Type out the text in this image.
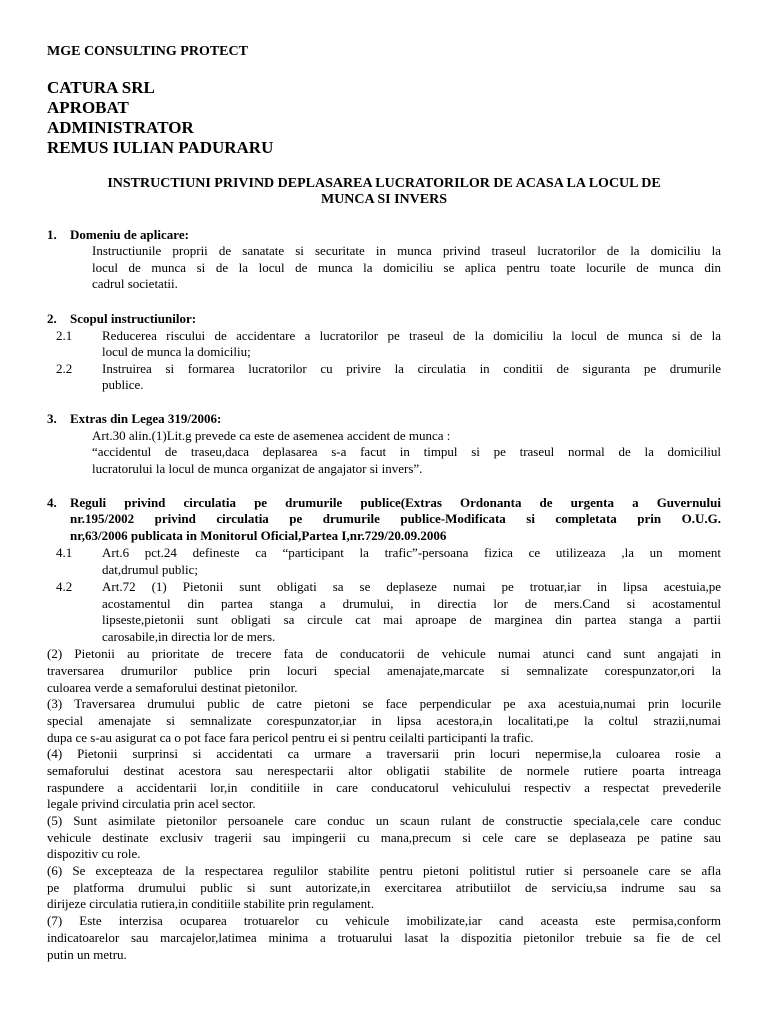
MGE CONSULTING PROTECT
CATURA SRL
APROBAT
ADMINISTRATOR
REMUS IULIAN PADURARU
INSTRUCTIUNI PRIVIND DEPLASAREA LUCRATORILOR DE ACASA LA LOCUL DE
MUNCA SI INVERS
1. Domeniu de aplicare:
Instructiunile proprii de sanatate si securitate in munca privind traseul lucratorilor de la domiciliu la
locul de munca si de la locul de munca la domiciliu se aplica pentru toate locurile de munca din
cadrul societatii.
2. Scopul instructiunilor:
2.1 Reducerea riscului de accidentare a lucratorilor pe traseul de la domiciliu la locul de munca si de la
locul de munca la domiciliu;
2.2 Instruirea si formarea lucratorilor cu privire la circulatia in conditii de siguranta pe drumurile
publice.
3. Extras din Legea 319/2006:
Art.30 alin.(1)Lit.g prevede ca este de asemenea accident de munca :
“accidentul de traseu,daca deplasarea s-a facut in timpul si pe traseul normal de la domiciliul
lucratorului la locul de munca organizat de angajator si invers”.
4. Reguli privind circulatia pe drumurile publice(Extras Ordonanta de urgenta a Guvernului
nr.195/2002 privind circulatia pe drumurile publice-Modificata si completata prin O.U.G.
nr,63/2006 publicata in Monitorul Oficial,Partea I,nr.729/20.09.2006
4.1 Art.6 pct.24 defineste ca “participant la trafic”-persoana fizica ce utilizeaza ,la un moment
dat,drumul public;
4.2 Art.72 (1) Pietonii sunt obligati sa se deplaseze numai pe trotuar,iar in lipsa acestuia,pe
acostamentul din partea stanga a drumului, in directia lor de mers.Cand si acostamentul
lipseste,pietonii sunt obligati sa circule cat mai aproape de marginea din partea stanga a partii
carosabile,in directia lor de mers.
(2) Pietonii au prioritate de trecere fata de conducatorii de vehicule numai atunci cand sunt angajati in
traversarea drumurilor publice prin locuri special amenajate,marcate si semnalizate corespunzator,ori la
culoarea verde a semaforului destinat pietonilor.
(3) Traversarea drumului public de catre pietoni se face perpendicular pe axa acestuia,numai prin locurile
special amenajate si semnalizate corespunzator,iar in lipsa acestora,in localitati,pe la coltul strazii,numai
dupa ce s-au asigurat ca o pot face fara pericol pentru ei si pentru ceilalti participanti la trafic.
(4) Pietonii surprinsi si accidentati ca urmare a traversarii prin locuri nepermise,la culoarea rosie a
semaforului destinat acestora sau nerespectarii altor obligatii stabilite de normele rutiere poarta intreaga
raspundere a accidentarii lor,in conditiile in care conducatorul vehiculului respectiv a respectat prevederile
legale privind circulatia prin acel sector.
(5) Sunt asimilate pietonilor persoanele care conduc un scaun rulant de constructie speciala,cele care conduc
vehicule destinate exclusiv tragerii sau impingerii cu mana,precum si cele care se deplaseaza pe patine sau
dispozitiv cu role.
(6) Se excepteaza de la respectarea regulilor stabilite pentru pietoni politistul rutier si persoanele care se afla
pe platforma drumului public si sunt autorizate,in exercitarea atributiilot de serviciu,sa indrume sau sa
dirijeze circulatia rutiera,in conditiile stabilite prin regulament.
(7) Este interzisa ocuparea trotuarelor cu vehicule imobilizate,iar cand aceasta este permisa,conform
indicatoarelor sau marcajelor,latimea minima a trotuarului lasat la dispozitia pietonilor trebuie sa fie de cel
putin un metru.
